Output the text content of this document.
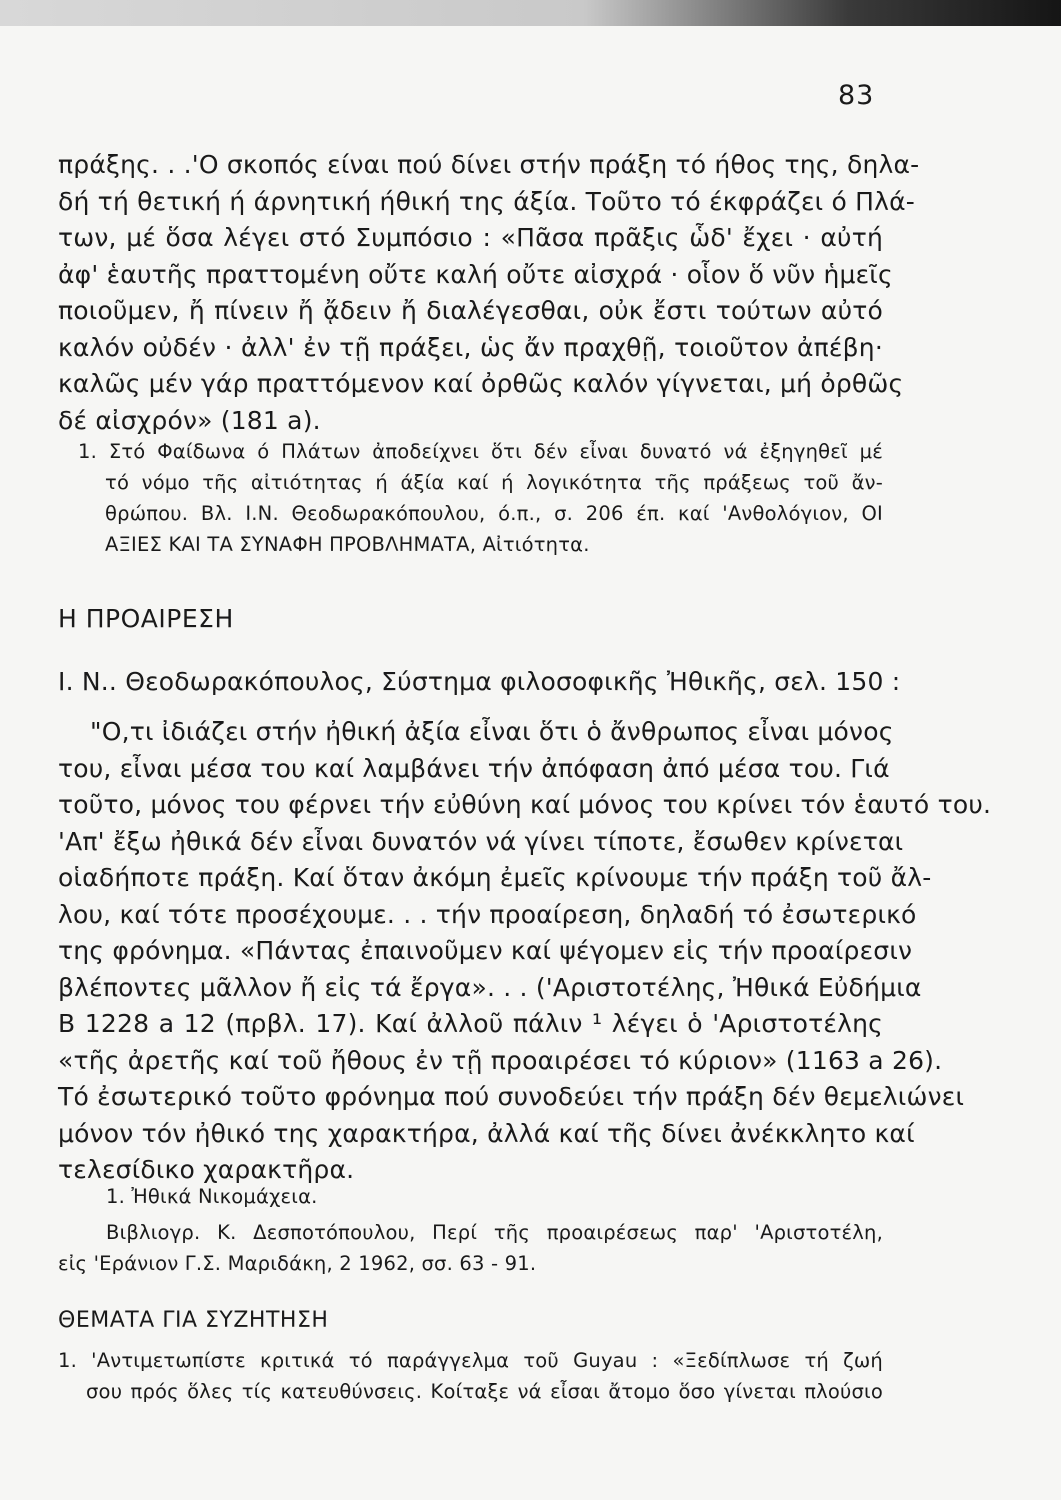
83
πράξης. . .'Ο σκοπός είναι πού δίνει στήν πράξη τό ήθος της, δηλα-
δή τή θετική ή άρνητική ήθική της άξία. Τοῦτο τό έκφράζει ό Πλά-
των, μέ ὅσα λέγει στό Συμπόσιο : «Πᾶσα πρᾶξις ὧδ' ἔχει · αὐτή
ἀφ' ἑαυτῆς πραττομένη οὔτε καλή οὔτε αἰσχρά · οἷον ὅ νῦν ἡμεῖς
ποιοῦμεν, ἤ πίνειν ἤ ᾄδειν ἤ διαλέγεσθαι, οὐκ ἔστι τούτων αὐτό
καλόν οὐδέν · ἀλλ' ἐν τῇ πράξει, ὡς ἄν πραχθῇ, τοιοῦτον ἀπέβη·
καλῶς μέν γάρ πραττόμενον καί ὀρθῶς καλόν γίγνεται, μή ὀρθῶς
δέ αἰσχρόν» (181 a).
1. Στό Φαίδωνα ό Πλάτων ἀποδείχνει ὅτι δέν εἶναι δυνατό νά ἐξηγηθεῖ μέ
τό νόμο τῆς αἰτιότητας ή άξία καί ή λογικότητα τῆς πράξεως τοῦ ἄν-
θρώπου. Βλ. Ι.Ν. Θεοδωρακόπουλου, ό.π., σ. 206 έπ. καί 'Ανθολόγιον, ΟΙ
ΑΞΙΕΣ ΚΑΙ ΤΑ ΣΥΝΑΦΗ ΠΡΟΒΛΗΜΑΤΑ, Αἰτιότητα.
Η ΠΡΟΑΙΡΕΣΗ
Ι. Ν.. Θεοδωρακόπουλος, Σύστημα φιλοσοφικῆς Ἠθικῆς, σελ. 150 :
"Ο,τι ἰδιάζει στήν ἠθική ἀξία εἶναι ὅτι ὁ ἄνθρωπος εἶναι μόνος
του, εἶναι μέσα του καί λαμβάνει τήν ἀπόφαση ἀπό μέσα του. Γιά
τοῦτο, μόνος του φέρνει τήν εὐθύνη καί μόνος του κρίνει τόν ἑαυτό του.
'Απ' ἔξω ἠθικά δέν εἶναι δυνατόν νά γίνει τίποτε, ἔσωθεν κρίνεται
οἱαδήποτε πράξη. Καί ὅταν ἀκόμη ἐμεῖς κρίνουμε τήν πράξη τοῦ ἄλ-
λου, καί τότε προσέχουμε. . . τήν προαίρεση, δηλαδή τό ἐσωτερικό
της φρόνημα. «Πάντας ἐπαινοῦμεν καί ψέγομεν εἰς τήν προαίρεσιν
βλέποντες μᾶλλον ἤ εἰς τά ἔργα». . . ('Αριστοτέλης, Ἠθικά Εὐδήμια
Β 1228 a 12 (πρβλ. 17). Καί ἀλλοῦ πάλιν ¹ λέγει ὁ 'Αριστοτέλης
«τῆς ἀρετῆς καί τοῦ ἤθους ἐν τῇ προαιρέσει τό κύριον» (1163 a 26).
Τό ἐσωτερικό τοῦτο φρόνημα πού συνοδεύει τήν πράξη δέν θεμελιώνει
μόνον τόν ἠθικό της χαρακτήρα, ἀλλά καί τῆς δίνει ἀνέκκλητο καί
τελεσίδικο χαρακτῆρα.
1. Ἠθικά Νικομάχεια.
Βιβλιογρ. Κ. Δεσποτόπουλου, Περί τῆς προαιρέσεως παρ' 'Αριστοτέλη,
εἰς 'Εράνιον Γ.Σ. Μαριδάκη, 2 1962, σσ. 63 - 91.
ΘΕΜΑΤΑ ΓΙΑ ΣΥΖΗΤΗΣΗ
1. 'Αντιμετωπίστε κριτικά τό παράγγελμα τοῦ Guyau : «Ξεδίπλωσε τή ζωή
σου πρός ὅλες τίς κατευθύνσεις. Κοίταξε νά εἶσαι ἄτομο ὅσο γίνεται πλούσιο
